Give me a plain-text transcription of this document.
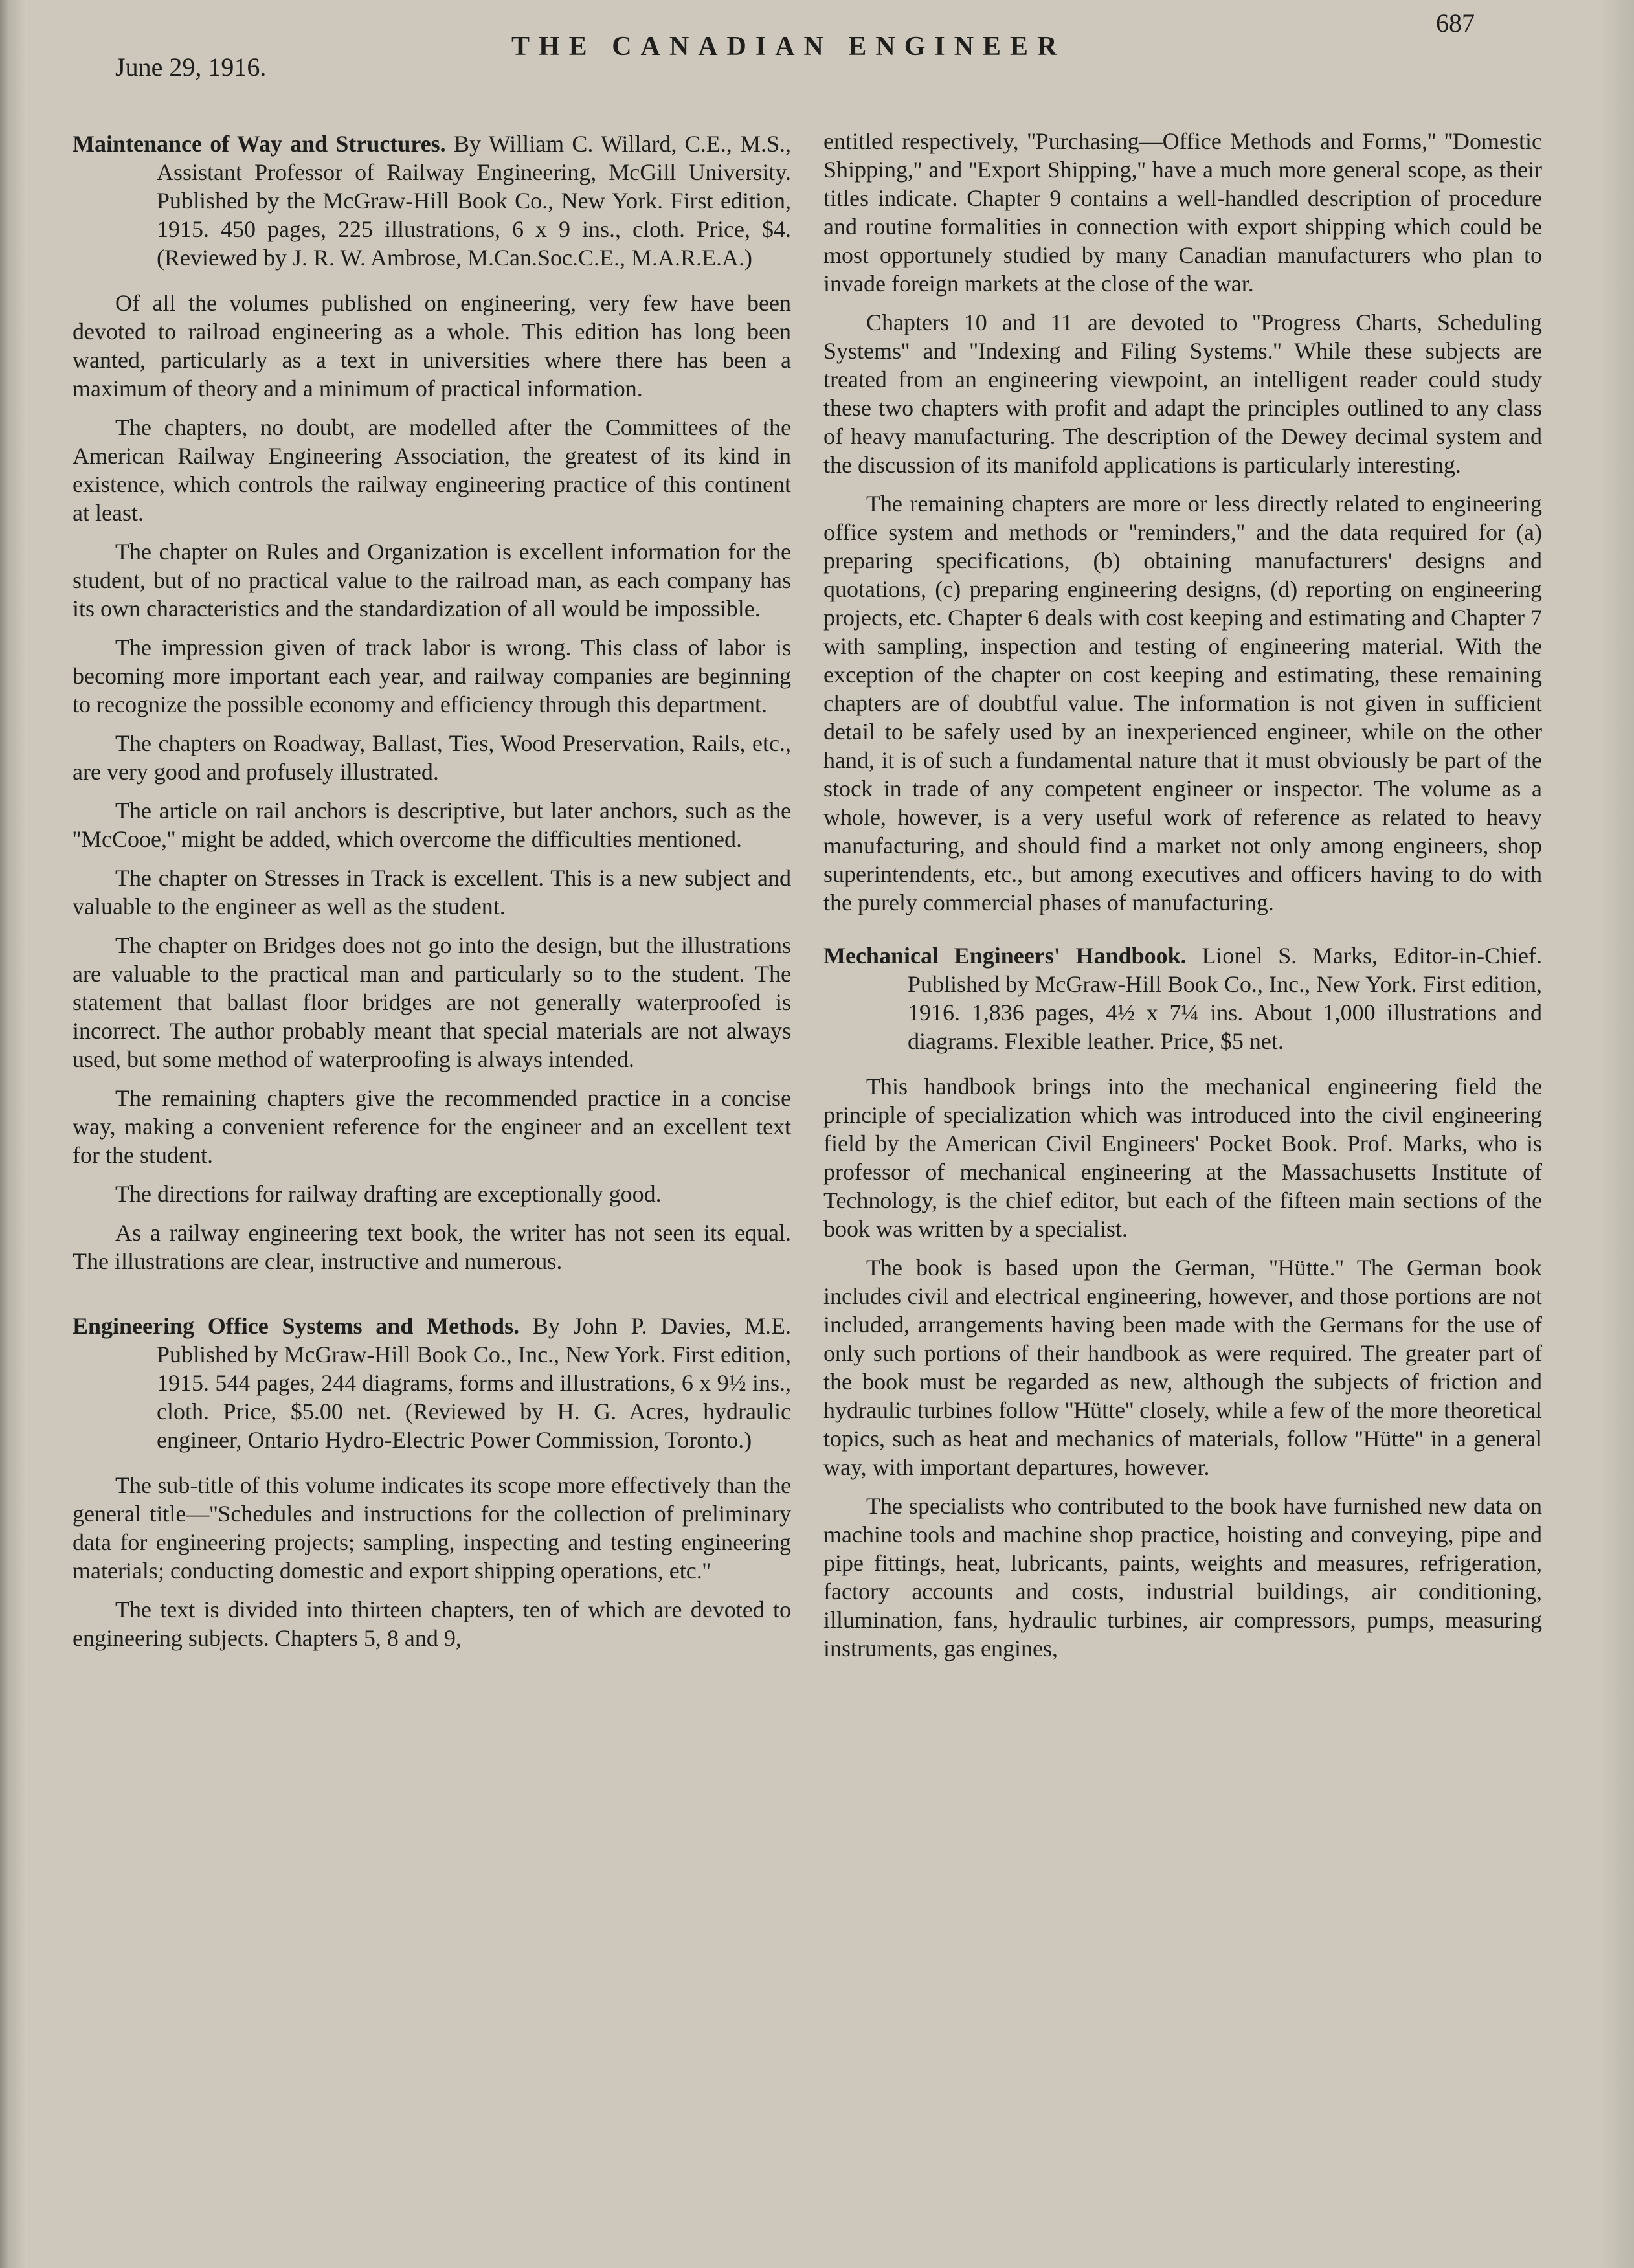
June 29, 1916.
THE CANADIAN ENGINEER
687
Maintenance of Way and Structures. By William C. Willard, C.E., M.S., Assistant Professor of Railway Engineering, McGill University. Published by the McGraw-Hill Book Co., New York. First edition, 1915. 450 pages, 225 illustrations, 6 x 9 ins., cloth. Price, $4. (Reviewed by J. R. W. Ambrose, M.Can.Soc.C.E., M.A.R.E.A.)

Of all the volumes published on engineering, very few have been devoted to railroad engineering as a whole. This edition has long been wanted, particularly as a text in universities where there has been a maximum of theory and a minimum of practical information.

The chapters, no doubt, are modelled after the Committees of the American Railway Engineering Association, the greatest of its kind in existence, which controls the railway engineering practice of this continent at least.

The chapter on Rules and Organization is excellent information for the student, but of no practical value to the railroad man, as each company has its own characteristics and the standardization of all would be impossible.

The impression given of track labor is wrong. This class of labor is becoming more important each year, and railway companies are beginning to recognize the possible economy and efficiency through this department.

The chapters on Roadway, Ballast, Ties, Wood Preservation, Rails, etc., are very good and profusely illustrated.

The article on rail anchors is descriptive, but later anchors, such as the ''McCooe,'' might be added, which overcome the difficulties mentioned.

The chapter on Stresses in Track is excellent. This is a new subject and valuable to the engineer as well as the student.

The chapter on Bridges does not go into the design, but the illustrations are valuable to the practical man and particularly so to the student. The statement that ballast floor bridges are not generally waterproofed is incorrect. The author probably meant that special materials are not always used, but some method of waterproofing is always intended.

The remaining chapters give the recommended practice in a concise way, making a convenient reference for the engineer and an excellent text for the student.

The directions for railway drafting are exceptionally good.

As a railway engineering text book, the writer has not seen its equal. The illustrations are clear, instructive and numerous.

Engineering Office Systems and Methods. By John P. Davies, M.E. Published by McGraw-Hill Book Co., Inc., New York. First edition, 1915. 544 pages, 244 diagrams, forms and illustrations, 6 x 9½ ins., cloth. Price, $5.00 net. (Reviewed by H. G. Acres, hydraulic engineer, Ontario Hydro-Electric Power Commission, Toronto.)

The sub-title of this volume indicates its scope more effectively than the general title—''Schedules and instructions for the collection of preliminary data for engineering projects; sampling, inspecting and testing engineering materials; conducting domestic and export shipping operations, etc.''

The text is divided into thirteen chapters, ten of which are devoted to engineering subjects. Chapters 5, 8 and 9,

entitled respectively, ''Purchasing—Office Methods and Forms,'' ''Domestic Shipping,'' and ''Export Shipping,'' have a much more general scope, as their titles indicate. Chapter 9 contains a well-handled description of procedure and routine formalities in connection with export shipping which could be most opportunely studied by many Canadian manufacturers who plan to invade foreign markets at the close of the war.

Chapters 10 and 11 are devoted to ''Progress Charts, Scheduling Systems'' and ''Indexing and Filing Systems.'' While these subjects are treated from an engineering viewpoint, an intelligent reader could study these two chapters with profit and adapt the principles outlined to any class of heavy manufacturing. The description of the Dewey decimal system and the discussion of its manifold applications is particularly interesting.

The remaining chapters are more or less directly related to engineering office system and methods or ''reminders,'' and the data required for (a) preparing specifications, (b) obtaining manufacturers' designs and quotations, (c) preparing engineering designs, (d) reporting on engineering projects, etc. Chapter 6 deals with cost keeping and estimating and Chapter 7 with sampling, inspection and testing of engineering material. With the exception of the chapter on cost keeping and estimating, these remaining chapters are of doubtful value. The information is not given in sufficient detail to be safely used by an inexperienced engineer, while on the other hand, it is of such a fundamental nature that it must obviously be part of the stock in trade of any competent engineer or inspector. The volume as a whole, however, is a very useful work of reference as related to heavy manufacturing, and should find a market not only among engineers, shop superintendents, etc., but among executives and officers having to do with the purely commercial phases of manufacturing.

Mechanical Engineers' Handbook. Lionel S. Marks, Editor-in-Chief. Published by McGraw-Hill Book Co., Inc., New York. First edition, 1916. 1,836 pages, 4½ x 7¼ ins. About 1,000 illustrations and diagrams. Flexible leather. Price, $5 net.

This handbook brings into the mechanical engineering field the principle of specialization which was introduced into the civil engineering field by the American Civil Engineers' Pocket Book. Prof. Marks, who is professor of mechanical engineering at the Massachusetts Institute of Technology, is the chief editor, but each of the fifteen main sections of the book was written by a specialist.

The book is based upon the German, ''Hütte.'' The German book includes civil and electrical engineering, however, and those portions are not included, arrangements having been made with the Germans for the use of only such portions of their handbook as were required. The greater part of the book must be regarded as new, although the subjects of friction and hydraulic turbines follow ''Hütte'' closely, while a few of the more theoretical topics, such as heat and mechanics of materials, follow ''Hütte'' in a general way, with important departures, however.

The specialists who contributed to the book have furnished new data on machine tools and machine shop practice, hoisting and conveying, pipe and pipe fittings, heat, lubricants, paints, weights and measures, refrigeration, factory accounts and costs, industrial buildings, air conditioning, illumination, fans, hydraulic turbines, air compressors, pumps, measuring instruments, gas engines,
